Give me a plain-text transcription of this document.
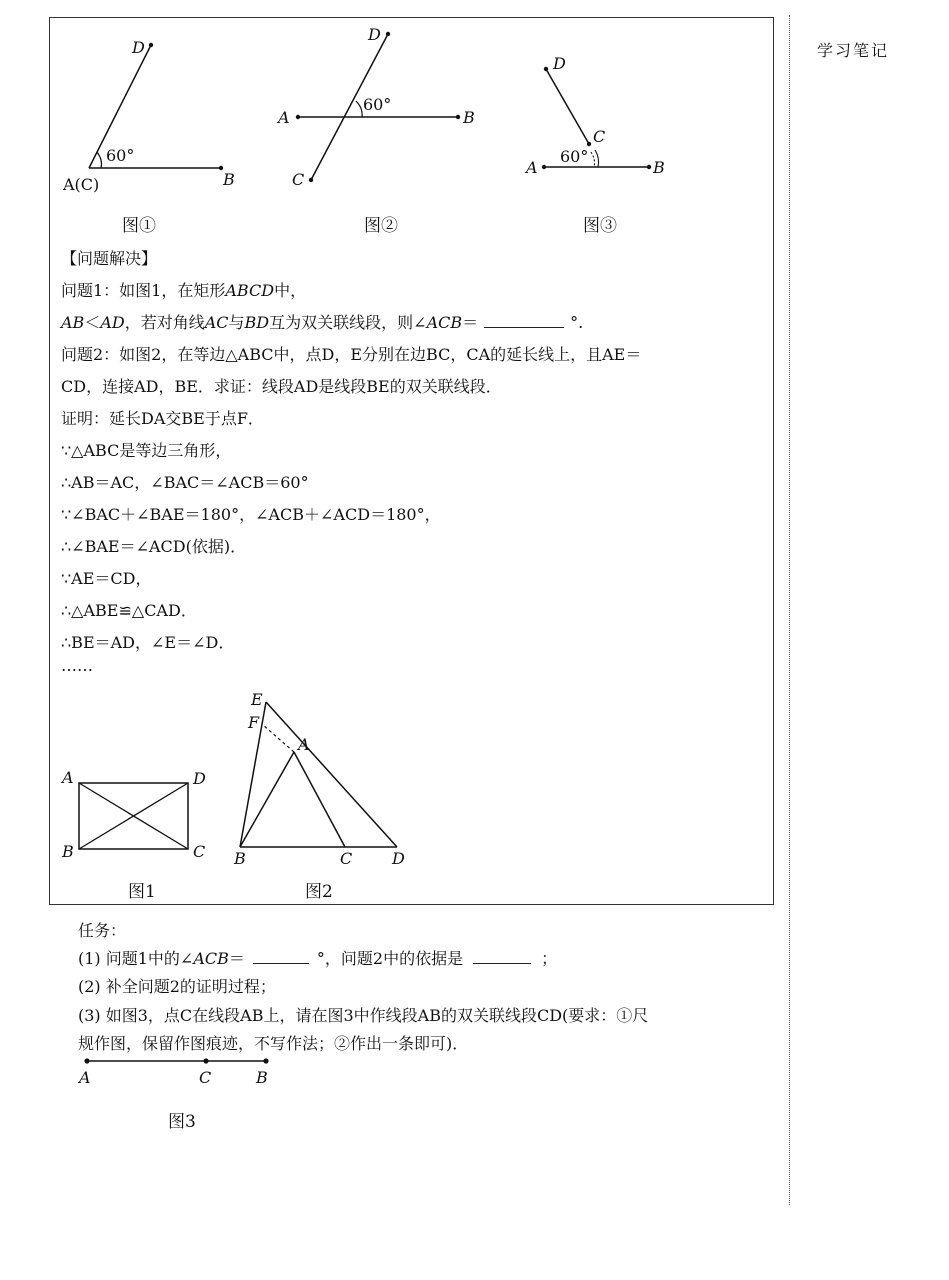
学习笔记
D
60°
A(C)	B
D
60°
A	B
C
D
C
60°
A	B
图①	图②	图③
【问题解决】
问题1：如图1，在矩形ABCD中，
AB＜AD，若对角线AC与BD互为双关联线段，则∠ACB＝	°.
问题2：如图2，在等边△ABC中，点D，E分别在边BC，CA的延长线上，且AE＝
CD，连接AD，BE．求证：线段AD是线段BE的双关联线段．
证明：延长DA交BE于点F．
∵△ABC是等边三角形，
∴AB＝AC，∠BAC＝∠ACB＝60°
∵∠BAC＋∠BAE＝180°，∠ACB＋∠ACD＝180°，
∴∠BAE＝∠ACD(依据)．
∵AE＝CD，
∴△ABE≌△CAD．
∴BE＝AD，∠E＝∠D．
……
A
B	C
D
E
F
A
B	C D
图1	图2
任务：
(1) 问题1中的∠ACB＝	°，问题2中的依据是	；
(2) 补全问题2的证明过程；
(3) 如图3，点C在线段AB上，请在图3中作线段AB的双关联线段CD(要求：①尺
规作图，保留作图痕迹，不写作法；②作出一条即可)．
A	C	B
图3
